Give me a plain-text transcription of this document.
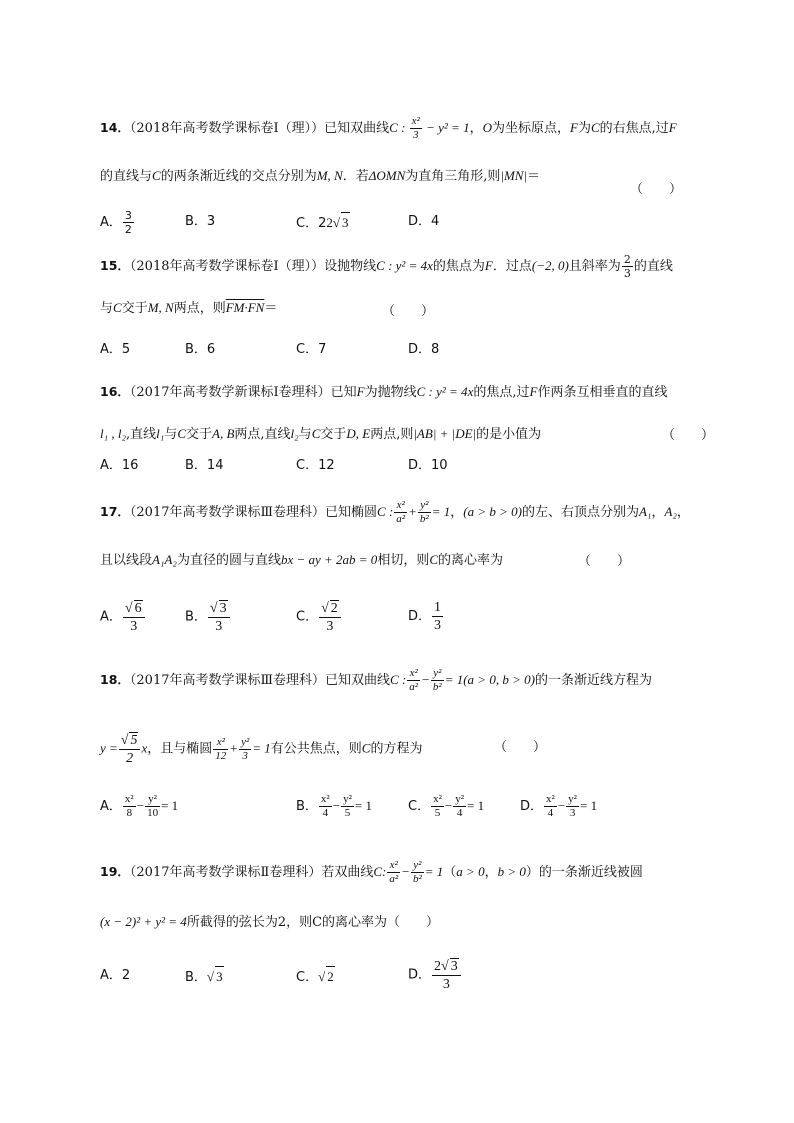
14．（2018年高考数学课标卷Ⅰ（理））已知双曲线C : $\frac{\text{x²}}{3} - y^2 = 1$，O为坐标原点，F为C的右焦点,过F
的直线与C的两条渐近线的交点分别为M, N．若ΔOMN为直角三角形,则|MN|＝
（　　）
A． $\frac{3}{2}$	B．3	C．22√ 3	D．4
15．（2018年高考数学课标卷Ⅰ（理））设抛物线C : y² = 4x的焦点为F．过点(−2, 0)且斜率为 $\frac{2}{3}$ 的直线
与C交于M, N两点，则FM·FN＝	（　　）
A．5	B．6	C．7	D．8
16．（2017年高考数学新课标Ⅰ卷理科）已知F为抛物线C : y² = 4x的焦点,过F作两条互相垂直的直线
l₁ , l₂,直线l₁与C交于A, B两点,直线l₂与C交于D, E两点,则|AB| + |DE|的是小值为	（　　）
A．16	B．14	C．12	D．10
17．（2017年高考数学课标Ⅲ卷理科）已知椭圆C : $\frac{\text{x²}}{\text{a²}} + \frac{\text{y²}}{\text{b²}} = 1$，(a > b > 0)的左、右顶点分别为A₁，A₂，
且以线段A₁A₂为直径的圆与直线bx − ay + 2ab = 0相切，则C的离心率为	（　　）
A． $\frac{√ 6}{3}$	B． $\frac{√ 3}{3}$	C． $\frac{√ 2}{3}$	D． $\frac{1}{3}$
18．（2017年高考数学课标Ⅲ卷理科）已知双曲线C : $\frac{\text{x²}}{\text{a²}} - \frac{\text{y²}}{\text{b²}} = 1(a > 0$, b > 0)的一条渐近线方程为
$y = \frac{√ 5}{2}$ x，且与椭圆 $\frac{\text{x²}}{12} + \frac{\text{y²}}{3} = 1$有公共焦点，则C的方程为	（　　）
A． $\frac{\text{x²}}{8} - \frac{\text{y²}}{10} = 1$	B． $\frac{\text{x²}}{4} - \frac{\text{y²}}{5} = 1$	C． $\frac{\text{x²}}{5} - \frac{\text{y²}}{4} = 1$	D． $\frac{\text{x²}}{4} - \frac{\text{y²}}{3} = 1$
19．（2017年高考数学课标Ⅱ卷理科）若双曲线C: $\frac{\text{x²}}{\text{a²}} - \frac{\text{y²}}{\text{b²}} = 1(a > 0$，b > 0）的一条渐近线被圆
(x − 2)² + y² = 4所截得的弦长为2，则C的离心率为（　　）
A．2	B．√ 3	C．√ 2	D． $\frac{2√ 3}{3}$
